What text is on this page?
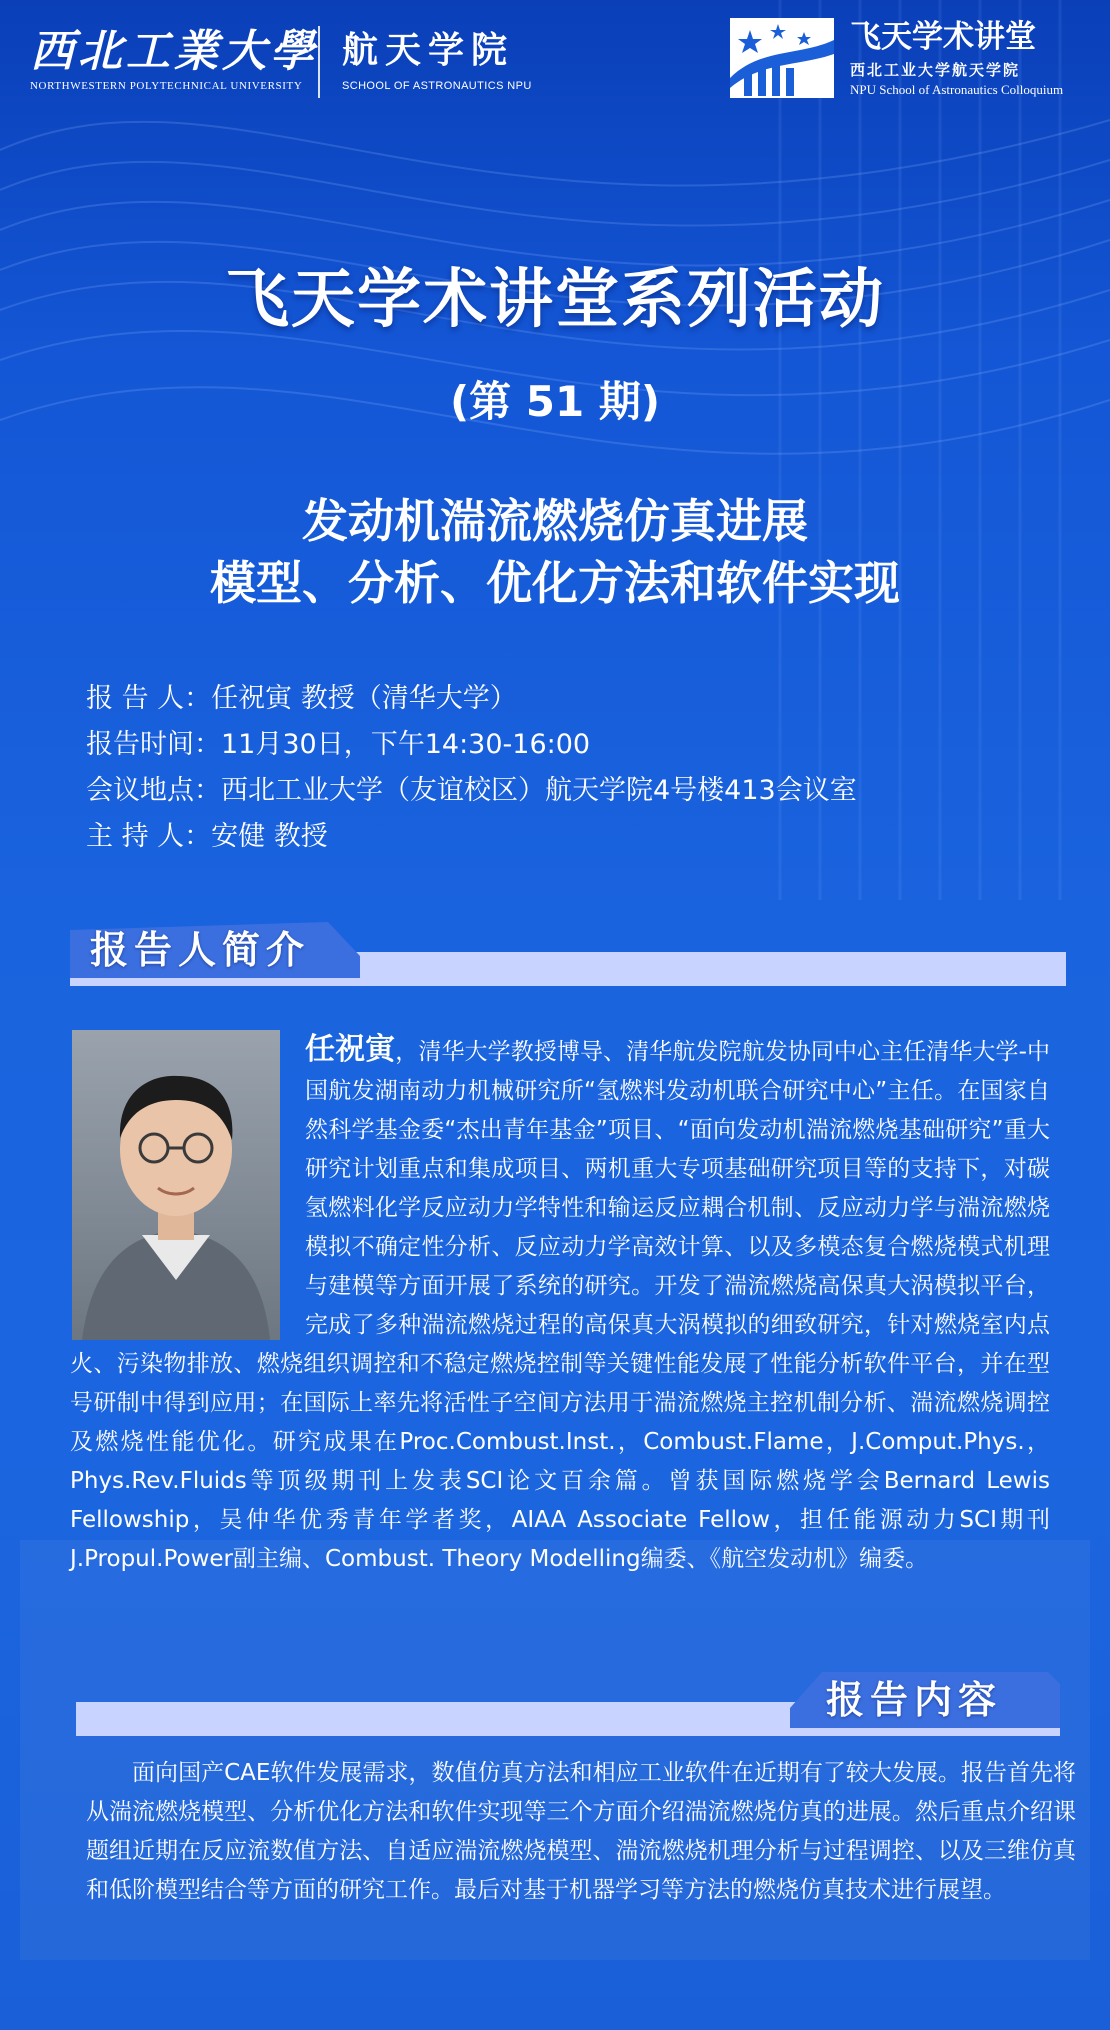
西北工業大學
NORTHWESTERN POLYTECHNICAL UNIVERSITY
航天学院
SCHOOL OF ASTRONAUTICS NPU
飞天学术讲堂
西北工业大学航天学院
NPU School of Astronautics Colloquium
飞天学术讲堂系列活动
(第 51 期)
发动机湍流燃烧仿真进展
模型、分析、优化方法和软件实现
报 告 人：任祝寅 教授（清华大学）
报告时间：11月30日，下午14:30-16:00
会议地点：西北工业大学（友谊校区）航天学院4号楼413会议室
主 持 人：安健 教授
报告人简介
任祝寅，清华大学教授博导、清华航发院航发协同中心主任清华大学-中国航发湖南动力机械研究所“氢燃料发动机联合研究中心”主任。在国家自然科学基金委“杰出青年基金”项目、“面向发动机湍流燃烧基础研究”重大研究计划重点和集成项目、两机重大专项基础研究项目等的支持下，对碳氢燃料化学反应动力学特性和输运反应耦合机制、反应动力学与湍流燃烧模拟不确定性分析、反应动力学高效计算、以及多模态复合燃烧模式机理与建模等方面开展了系统的研究。开发了湍流燃烧高保真大涡模拟平台，完成了多种湍流燃烧过程的高保真大涡模拟的细致研究，针对燃烧室内点火、污染物排放、燃烧组织调控和不稳定燃烧控制等关键性能发展了性能分析软件平台，并在型号研制中得到应用；在国际上率先将活性子空间方法用于湍流燃烧主控机制分析、湍流燃烧调控及燃烧性能优化。研究成果在Proc.Combust.Inst.，Combust.Flame，J.Comput.Phys.，Phys.Rev.Fluids等顶级期刊上发表SCI论文百余篇。曾获国际燃烧学会Bernard Lewis Fellowship，吴仲华优秀青年学者奖，AIAA Associate Fellow，担任能源动力SCI期刊J.Propul.Power副主编、Combust. Theory Modelling编委、《航空发动机》编委。
报告内容
　　面向国产CAE软件发展需求，数值仿真方法和相应工业软件在近期有了较大发展。报告首先将从湍流燃烧模型、分析优化方法和软件实现等三个方面介绍湍流燃烧仿真的进展。然后重点介绍课题组近期在反应流数值方法、自适应湍流燃烧模型、湍流燃烧机理分析与过程调控、以及三维仿真和低阶模型结合等方面的研究工作。最后对基于机器学习等方法的燃烧仿真技术进行展望。
